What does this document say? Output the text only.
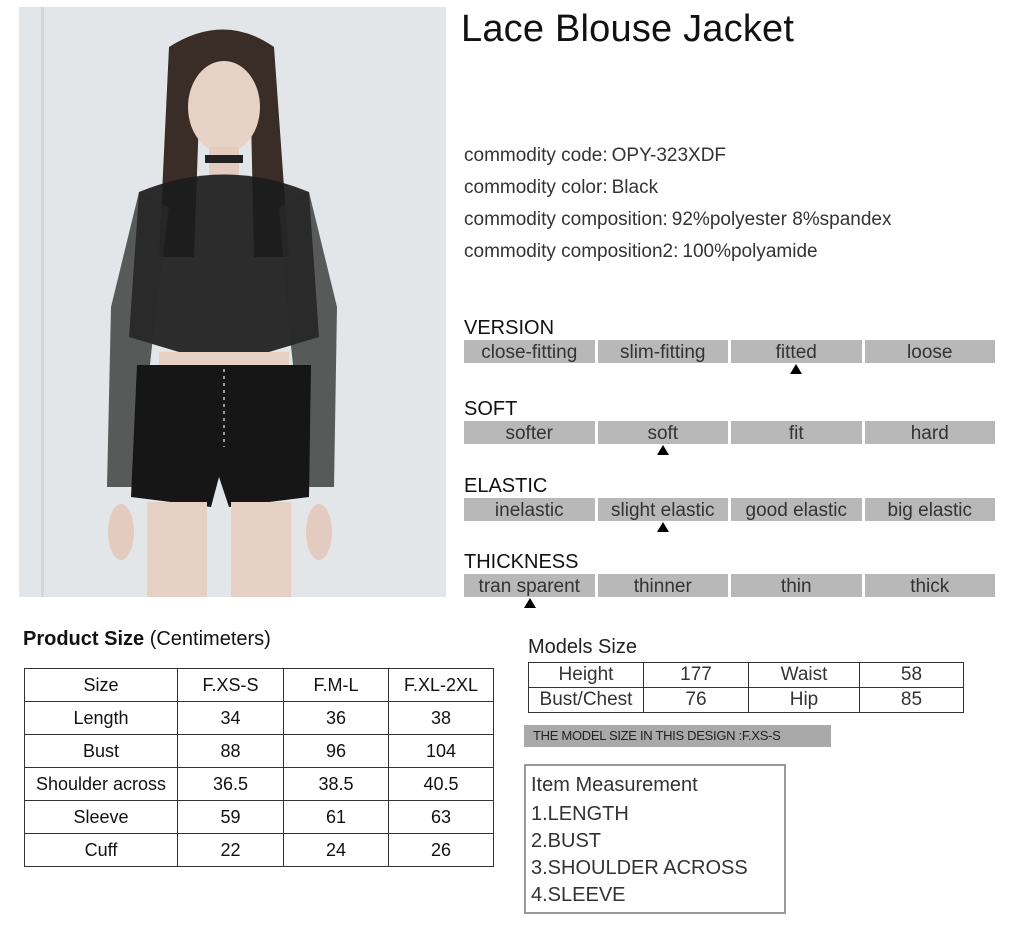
Lace Blouse Jacket
commodity code: OPY-323XDF
commodity color: Black
commodity composition: 92%polyester 8%spandex
commodity composition2: 100%polyamide
VERSION
close-fitting	slim-fitting	fitted	loose
SOFT
softer	soft	fit	hard
ELASTIC
inelastic	slight elastic	good elastic	big elastic
THICKNESS
tran sparent	thinner	thin	thick
Product Size (Centimeters)
Size	F.XS-S	F.M-L	F.XL-2XL
Length	34	36	38
Bust	88	96	104
Shoulder across	36.5	38.5	40.5
Sleeve	59	61	63
Cuff	22	24	26
Models Size
Height	177	Waist	58
Bust/Chest	76	Hip	85
THE MODEL SIZE IN THIS DESIGN :F.XS-S
Item Measurement
1.LENGTH
2.BUST
3.SHOULDER ACROSS
4.SLEEVE
